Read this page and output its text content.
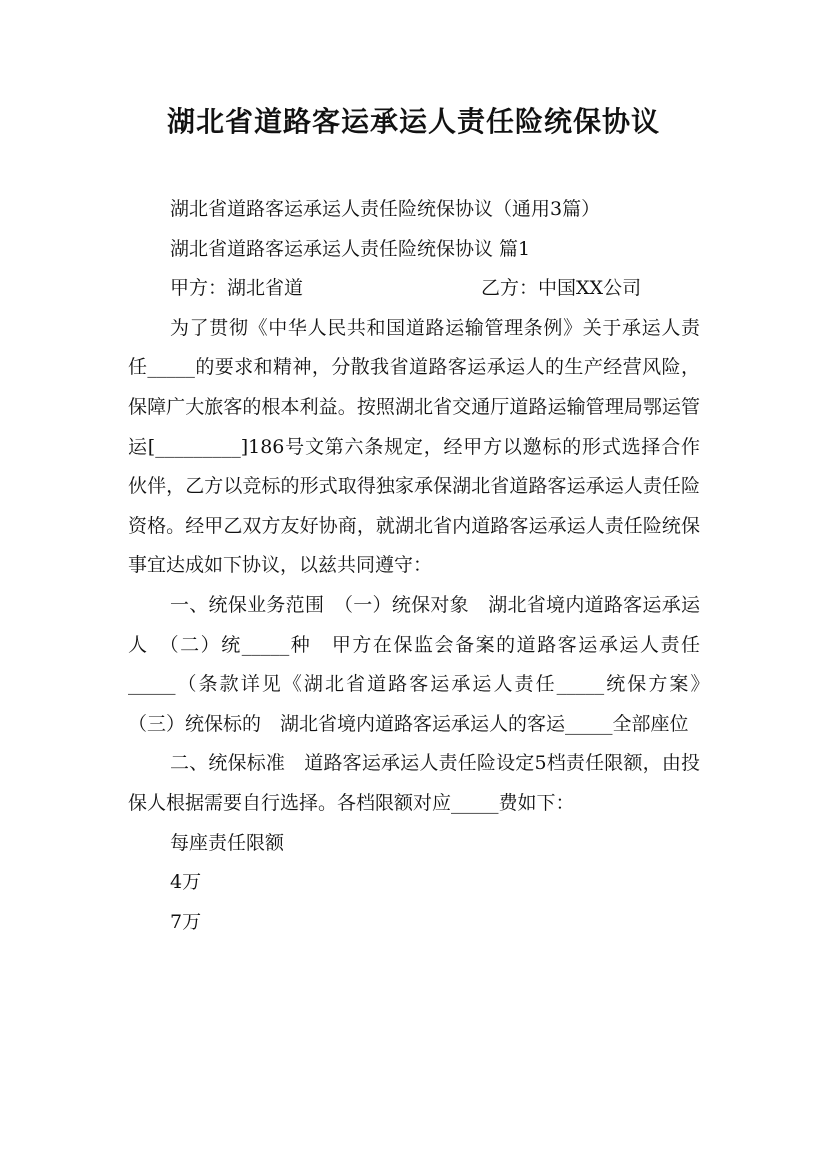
湖北省道路客运承运人责任险统保协议
湖北省道路客运承运人责任险统保协议（通用3篇）
湖北省道路客运承运人责任险统保协议 篇1
甲方：湖北省道	乙方：中国XX公司

为了贯彻《中华人民共和国道路运输管理条例》关于承运人责任_____的要求和精神，分散我省道路客运承运人的生产经营风险，保障广大旅客的根本利益。按照湖北省交通厅道路运输管理局鄂运管运[_________]186号文第六条规定，经甲方以邀标的形式选择合作伙伴，乙方以竞标的形式取得独家承保湖北省道路客运承运人责任险资格。经甲乙双方友好协商，就湖北省内道路客运承运人责任险统保事宜达成如下协议，以兹共同遵守：

一、统保业务范围　（一）统保对象　湖北省境内道路客运承运人　（二）统_____种　甲方在保监会备案的道路客运承运人责任_____（条款详见《湖北省道路客运承运人责任_____统保方案》　（三）统保标的　湖北省境内道路客运承运人的客运_____全部座位

二、统保标准　道路客运承运人责任险设定5档责任限额，由投保人根据需要自行选择。各档限额对应_____费如下：

每座责任限额
4万
7万
